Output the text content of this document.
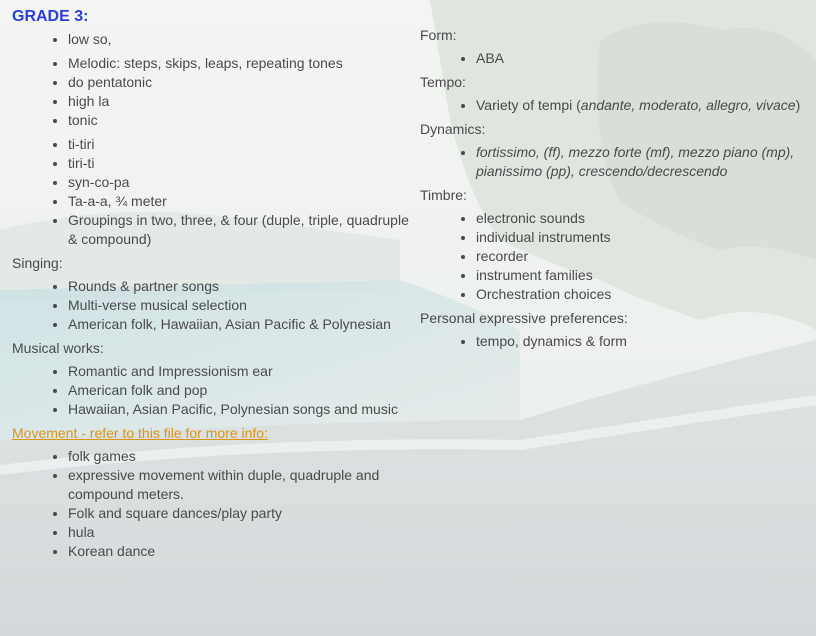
GRADE 3:
• low so,
• Melodic: steps, skips, leaps, repeating tones
• do pentatonic
• high la
• tonic
• ti-tiri
• tiri-ti
• syn-co-pa
• Ta-a-a, ¾ meter
• Groupings in two, three, & four (duple, triple, quadruple & compound)

Singing:

• Rounds & partner songs
• Multi-verse musical selection
• American folk, Hawaiian, Asian Pacific & Polynesian

Musical works:

• Romantic and Impressionism ear
• American folk and pop
• Hawaiian, Asian Pacific, Polynesian songs and music

Movement - refer to this file for more info:

• folk games
• expressive movement within duple, quadruple and compound meters.
• Folk and square dances/play party
• hula
• Korean dance

Form:

• ABA

Tempo:

• Variety of tempi (andante, moderato, allegro, vivace)

Dynamics:

• fortissimo, (ff), mezzo forte (mf), mezzo piano (mp), pianissimo (pp), crescendo/decrescendo

Timbre:

• electronic sounds
• individual instruments
• recorder
• instrument families
• Orchestration choices

Personal expressive preferences:

• tempo, dynamics & form
